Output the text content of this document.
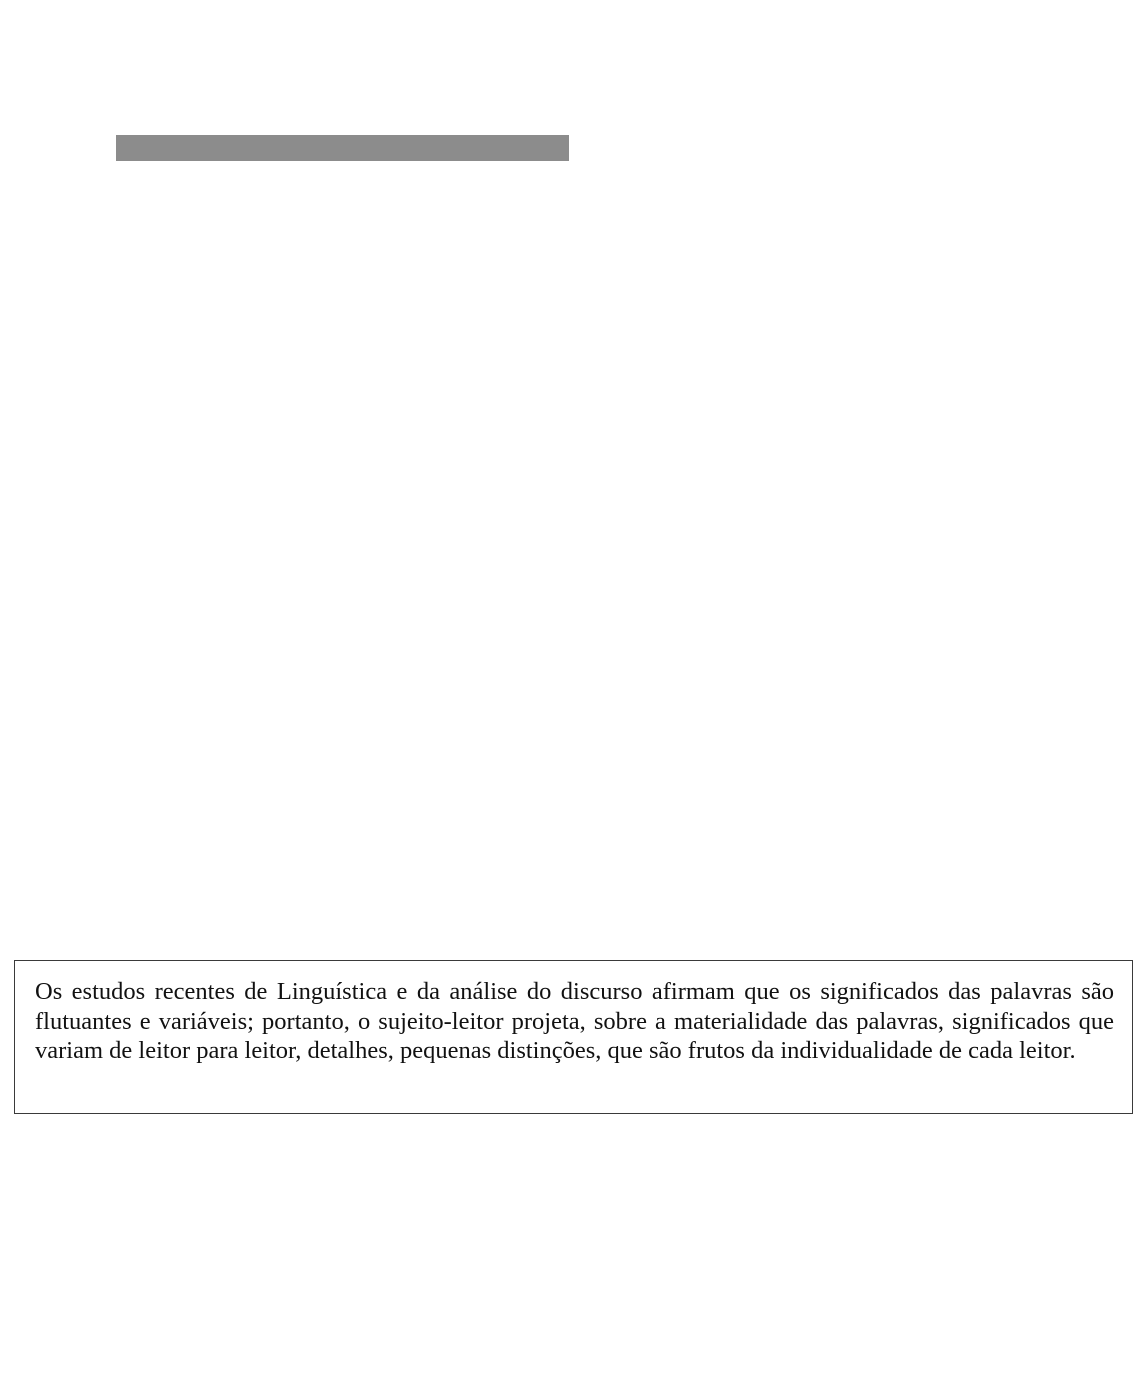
Os estudos recentes de Linguística e da análise do discurso afirmam que os significados das palavras são flutuantes e variáveis; portanto, o sujeito-leitor projeta, sobre a materialidade das palavras, significados que variam de leitor para leitor, detalhes, pequenas distinções, que são frutos da individualidade de cada leitor.
